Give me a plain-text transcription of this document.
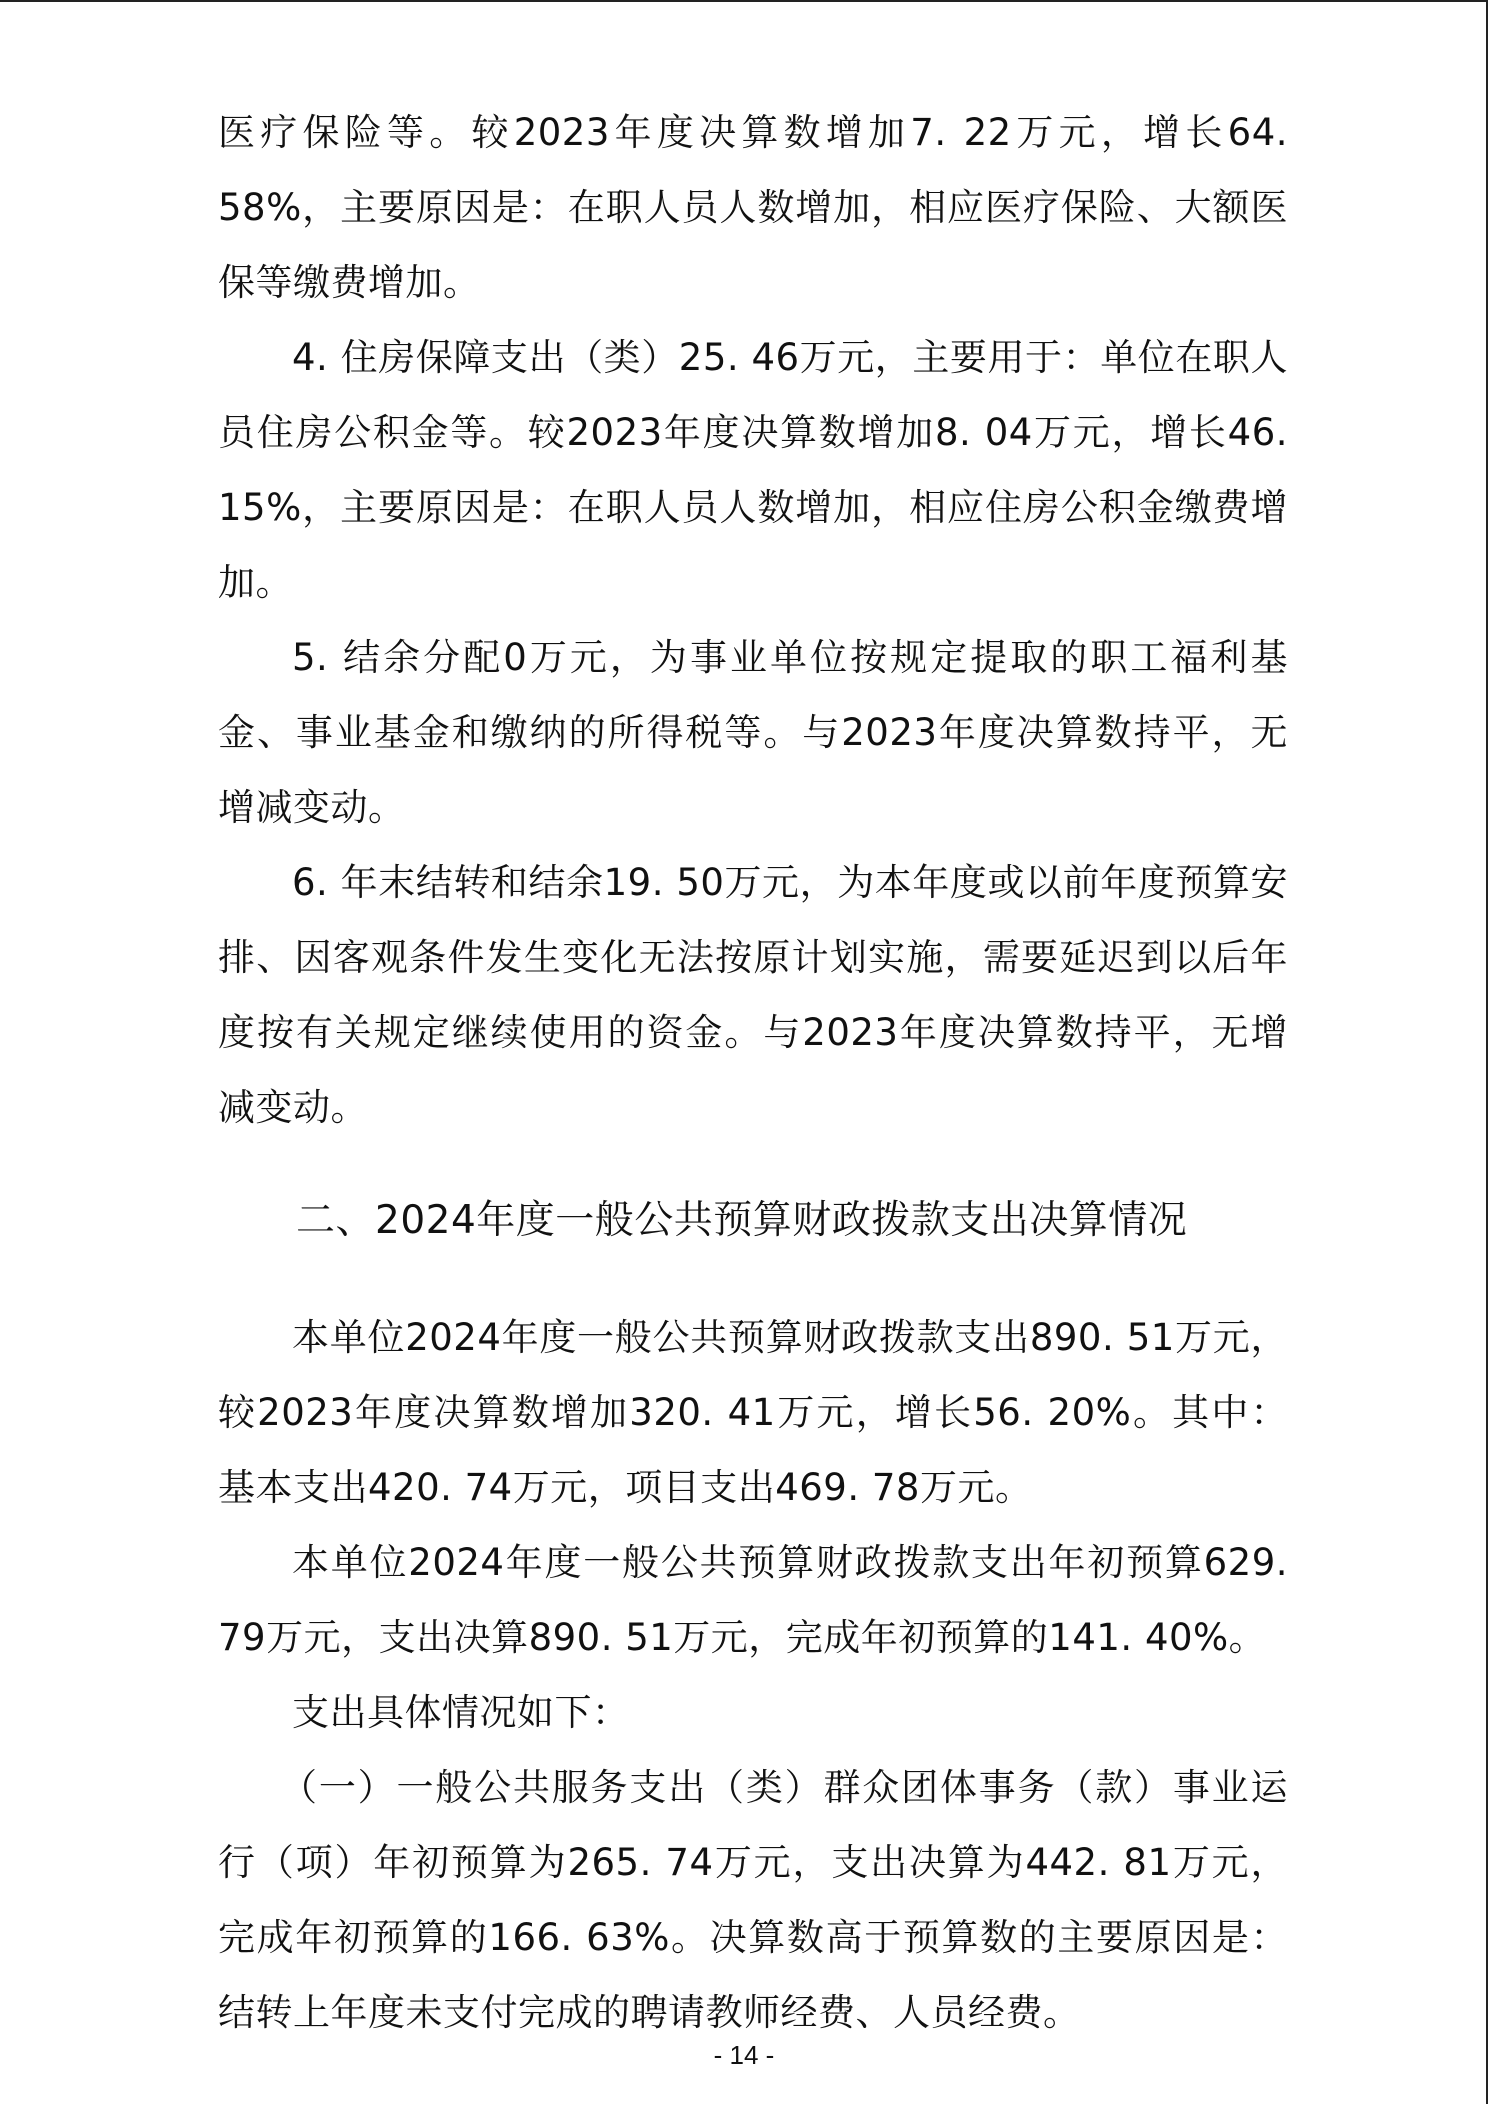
医疗保险等。较2023年度决算数增加7. 22万元，增长64. 58%，主要原因是：在职人员人数增加，相应医疗保险、大额医保等缴费增加。

4. 住房保障支出（类）25. 46万元，主要用于：单位在职人员住房公积金等。较2023年度决算数增加8. 04万元，增长46. 15%，主要原因是：在职人员人数增加，相应住房公积金缴费增加。

5. 结余分配0万元，为事业单位按规定提取的职工福利基金、事业基金和缴纳的所得税等。与2023年度决算数持平，无增减变动。

6. 年末结转和结余19. 50万元，为本年度或以前年度预算安排、因客观条件发生变化无法按原计划实施，需要延迟到以后年度按有关规定继续使用的资金。与2023年度决算数持平，无增减变动。

二、2024年度一般公共预算财政拨款支出决算情况

本单位2024年度一般公共预算财政拨款支出890. 51万元，较2023年度决算数增加320. 41万元，增长56. 20%。其中：基本支出420. 74万元，项目支出469. 78万元。

本单位2024年度一般公共预算财政拨款支出年初预算629. 79万元，支出决算890. 51万元，完成年初预算的141. 40%。

支出具体情况如下：

（一）一般公共服务支出（类）群众团体事务（款）事业运行（项）年初预算为265. 74万元，支出决算为442. 81万元，完成年初预算的166. 63%。决算数高于预算数的主要原因是：结转上年度未支付完成的聘请教师经费、人员经费。

- 14 -
